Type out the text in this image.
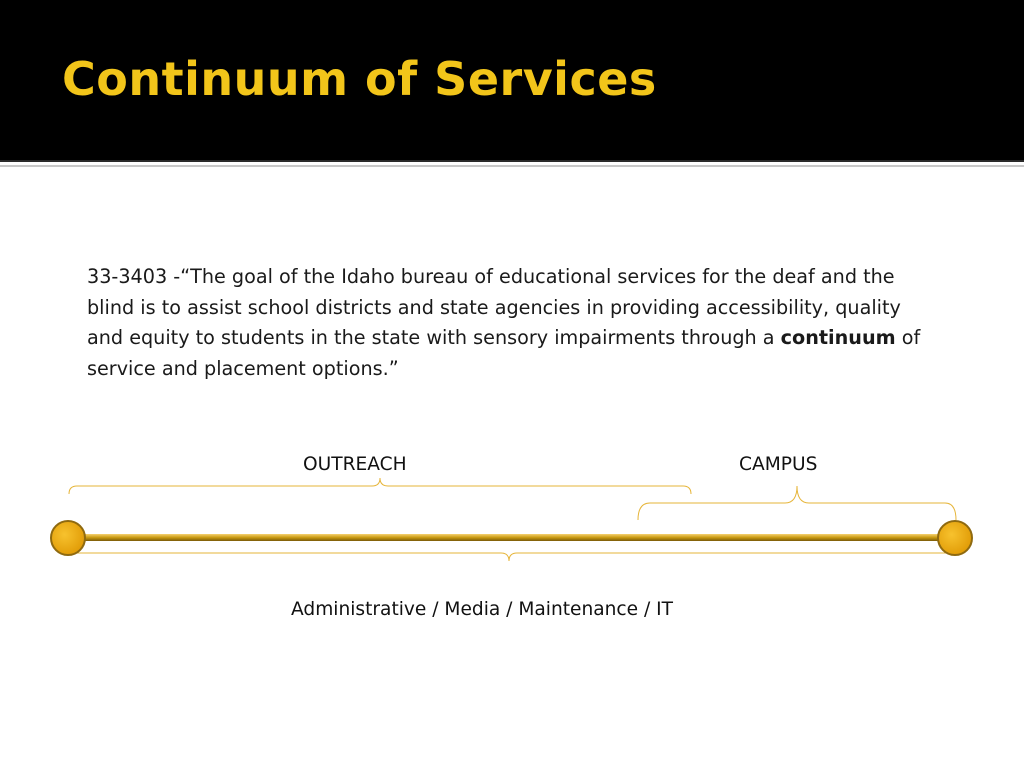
Continuum of Services

33-3403 -“The goal of the Idaho bureau of educational services for the deaf and the blind is to assist school districts and state agencies in providing accessibility, quality and equity to students in the state with sensory impairments through a continuum of service and placement options.”

OUTREACH	CAMPUS
Administrative / Media / Maintenance / IT
